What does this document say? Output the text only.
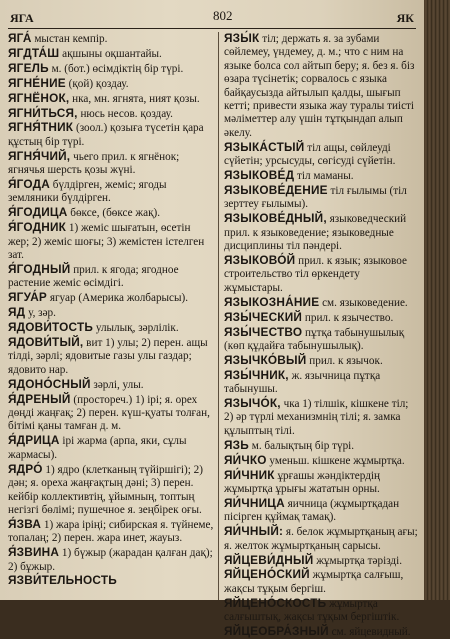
ЯГА	802	ЯК
ЯГА́ мыстан кемпір.
ЯГДТА́Ш ақшыны оқшантайы.
ЯГЕЛЬ м. (бот.) өсімдіктің бір түрі.
ЯГНЕ́НИЕ (қой) қоздау.
ЯГНЁНОК, нка, мн. ягнята, ният қозы.
ЯГНИ́ТЬСЯ, нюсь несов. қоздау.
ЯГНЯ́ТНИК (зоол.) қозыға түсетін қара құстың бір түрі.
ЯГНЯ́ЧИЙ, чьего прил. к ягнёнок; ягнячья шерсть қозы жүні.
Я́ГОДА бүлдірген, жеміс; ягоды земляники бүлдірген.
Я́ГОДИЦА бөксе, (бөксе жақ).
Я́ГОДНИК 1) жеміс шығатын, өсетін жер; 2) жеміс шоғы; 3) жемістен істелген зат.
Я́ГОДНЫЙ прил. к ягода; ягодное растение жеміс өсімдігі.
ЯГУА́Р ягуар (Америка жолбарысы).
ЯД у, зәр.
ЯДОВИ́ТОСТЬ улылық, зәрлілік.
ЯДОВИ́ТЫЙ, вит 1) улы; 2) перен. ащы тілді, зәрлі; ядовитые газы улы газдар; ядовито нар.
ЯДОНО́СНЫЙ зәрлі, улы.
Я́ДРЕНЫЙ (простореч.) 1) ірі; я. орех дөңді жаңғақ; 2) перен. күш-қуаты толған, бітімі қаны тамған д. м.
Я́ДРИЦА ірі жарма (арпа, яки, сұлы жармасы).
ЯДРО́ 1) ядро (клетканың түйіршігі); 2) дән; я. ореха жаңғақтың дәні; 3) перен. кейбір коллективтің, ұйымның, топтың негізгі бөлімі; пушечное я. зеңбірек оғы.
Я́ЗВА 1) жара іріңі; сибирская я. түйнеме, топалаң; 2) перен. жара инет, жауыз.
Я́ЗВИНА 1) бүжыр (жарадан қалған дақ); 2) бұжыр.
ЯЗВИ́ТЕЛЬНОСТЬ
ЯЗЫ́К тіл; держать я. за зубами сөйлемеу, үндемеу, д. м.; что с ним на языке болса сол айтып беру; я. без я. біз өзара түсінетік; сорвалось с языка байқаусызда айтылып қалды, шығып кетті; привести языка жау туралы тиісті мәліметтер алу үшін тұтқындап алып әкелу.
ЯЗЫКА́СТЫЙ тіл ащы, сөйлеуді сүйетін; урсысуды, сөгісуді сүйетін.
ЯЗЫКОВЕ́Д тіл маманы.
ЯЗЫКОВЕ́ДЕНИЕ тіл ғылымы (тіл зерттеу ғылымы).
ЯЗЫКОВЕ́ДНЫЙ, языковедческий прил. к языковедение; языковедные дисциплины тіл пәндері.
ЯЗЫКОВО́Й прил. к язык; языковое строительство тіл өркендету жұмыстары.
ЯЗЫКОЗНА́НИЕ см. языковедение.
ЯЗЫ́ЧЕСКИЙ прил. к язычество.
ЯЗЫ́ЧЕСТВО пұтқа табынушылық (көп құдайға табынушылық).
ЯЗЫЧКО́ВЫЙ прил. к язычок.
ЯЗЫ́ЧНИК, ж. язычница пұтқа табынушы.
ЯЗЫЧО́К, чка 1) тілшік, кішкене тіл; 2) әр түрлі механизмнің тілі; я. замка құлыптың тілі.
ЯЗЬ м. балықтың бір түрі.
ЯИ́ЧКО уменьш. кішкене жұмыртқа.
ЯИ́ЧНИК ұрғашы жәндіктердің жұмыртқа ұрығы жататын орны.
ЯИ́ЧНИЦА яичница (жұмыртқадан пісірген құймақ тамақ).
ЯИ́ЧНЫЙ: я. белок жұмыртқаның ағы; я. желток жұмыртқаның сарысы.
ЯЙЦЕВИ́ДНЫЙ жұмыртқа тәрізді.
ЯЙЦЕНО́СКИЙ жұмыртқа салғыш, жақсы тұқым бергіш.
ЯЙЦЕНО́СКОСТЬ жұмыртқа салғыштық, жақсы тұқым бергіштік.
ЯЙЦЕОБРА́ЗНЫЙ см. яйцевидный.
